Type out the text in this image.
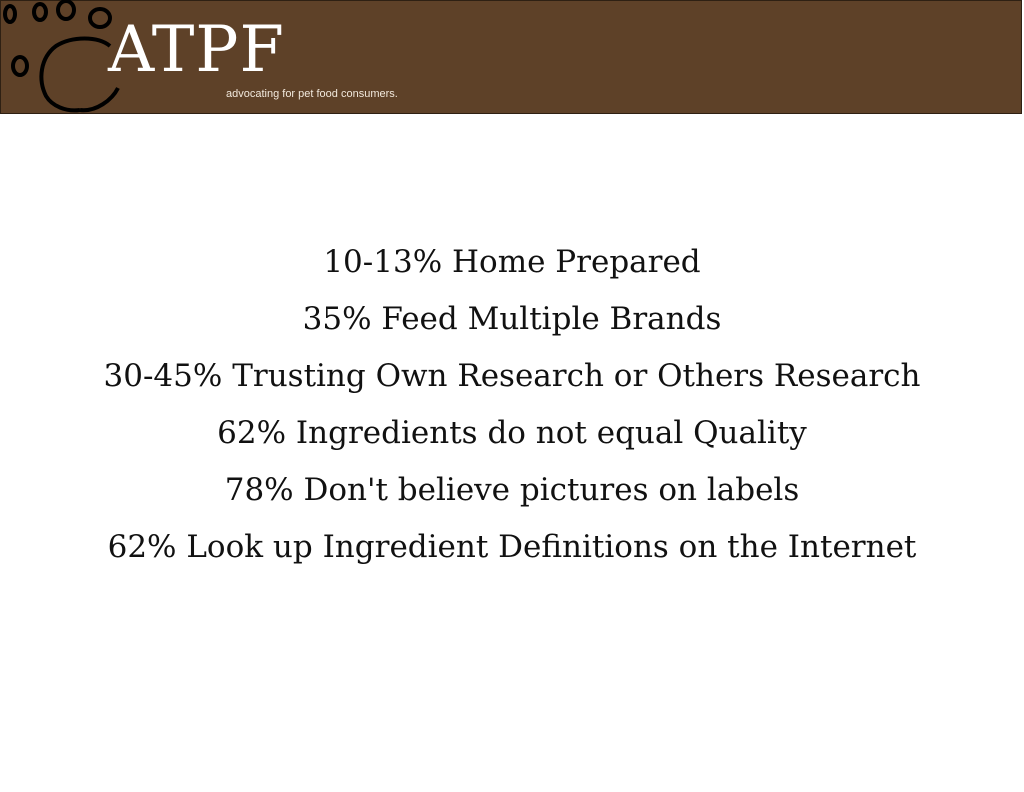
ATPF
advocating for pet food consumers.
10-13% Home Prepared
35% Feed Multiple Brands
30-45% Trusting Own Research or Others Research
62% Ingredients do not equal Quality
78% Don't believe pictures on labels
62% Look up Ingredient Definitions on the Internet
